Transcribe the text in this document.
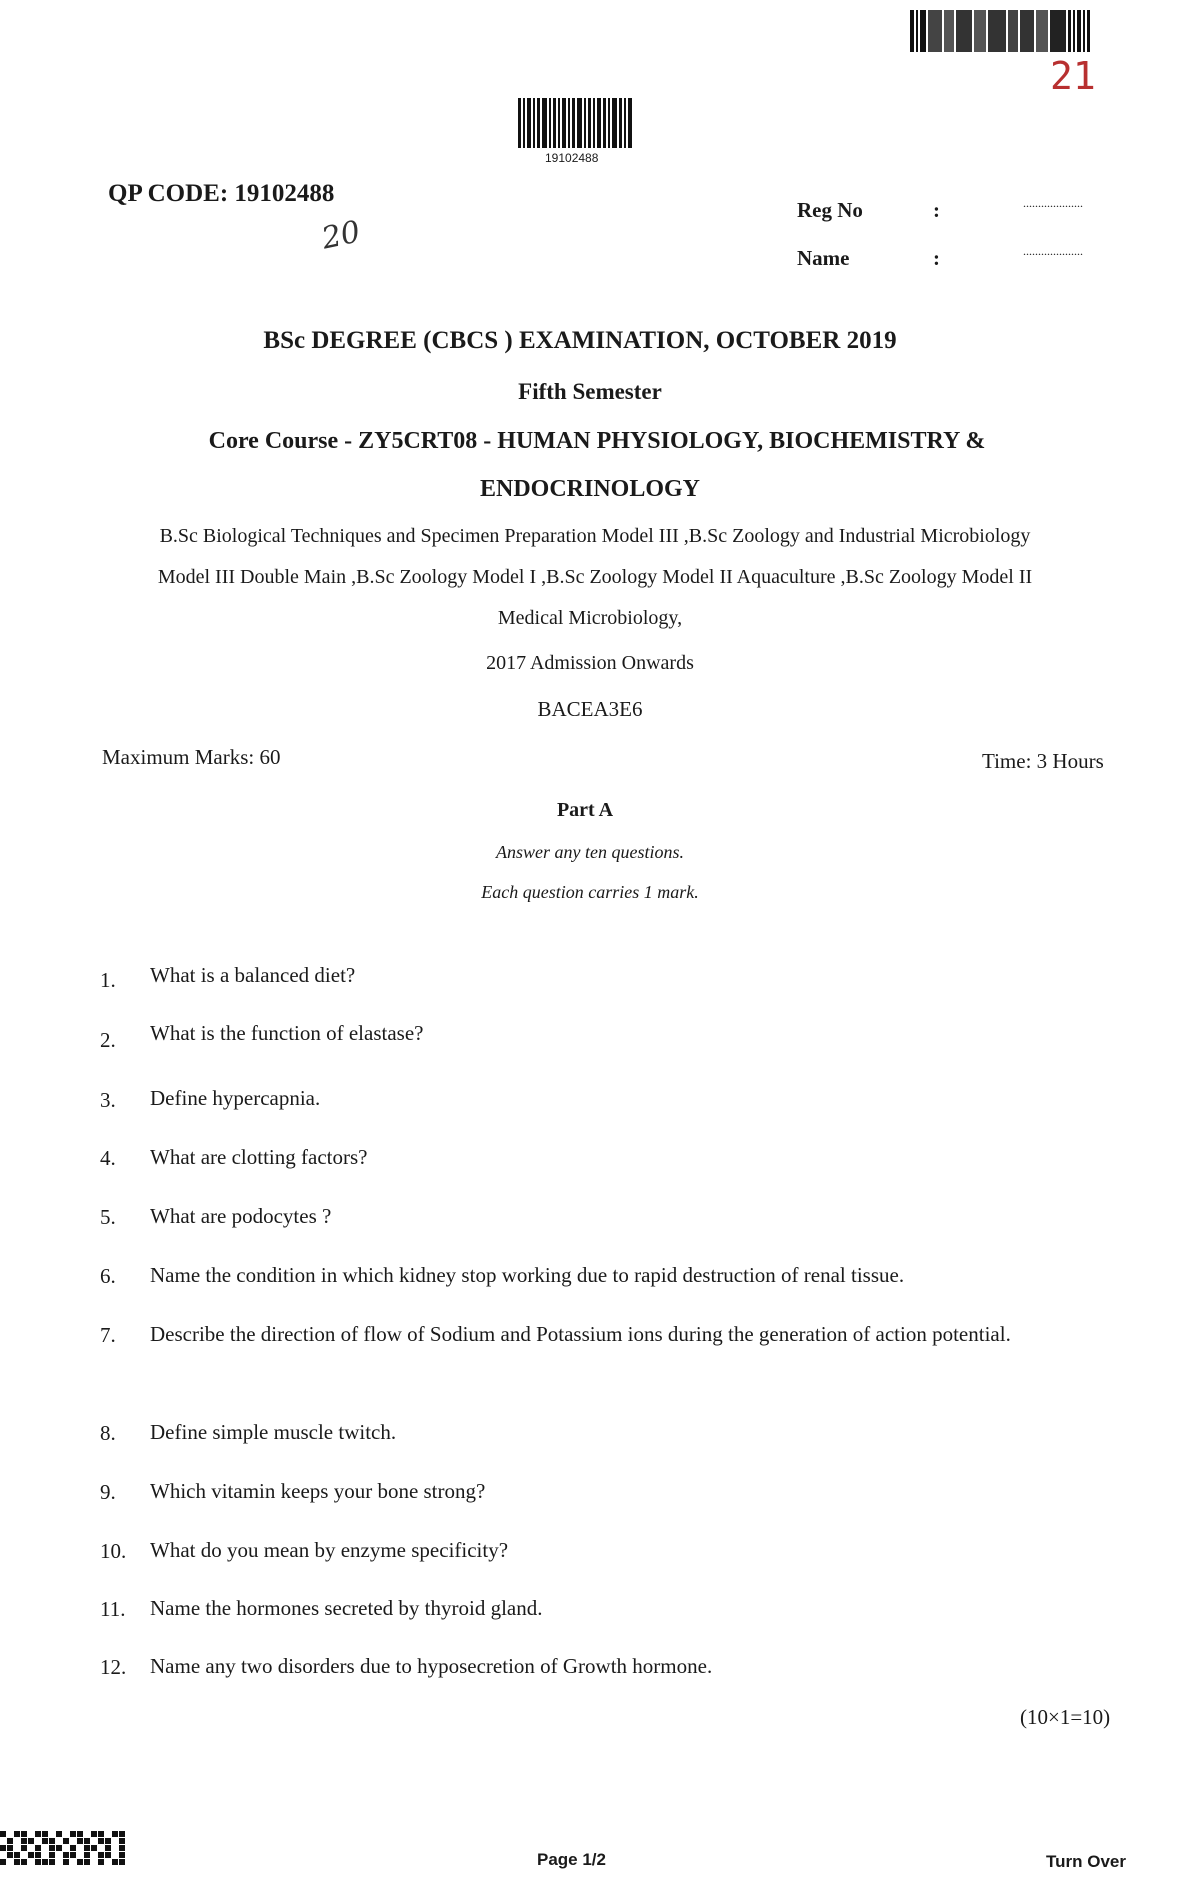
21
19102488
QP CODE: 19102488
20
Reg No	:	....................
Name	:	....................
BSc DEGREE (CBCS ) EXAMINATION, OCTOBER 2019
Fifth Semester
Core Course - ZY5CRT08 - HUMAN PHYSIOLOGY, BIOCHEMISTRY &
ENDOCRINOLOGY
B.Sc Biological Techniques and Specimen Preparation Model III ,B.Sc Zoology and Industrial Microbiology
Model III Double Main ,B.Sc Zoology Model I ,B.Sc Zoology Model II Aquaculture ,B.Sc Zoology Model II
Medical Microbiology,
2017 Admission Onwards
BACEA3E6
Maximum Marks: 60	Time: 3 Hours
Part A
Answer any ten questions.
Each question carries 1 mark.
1. What is a balanced diet?
2. What is the function of elastase?
3. Define hypercapnia.
4. What are clotting factors?
5. What are podocytes ?
6. Name the condition in which kidney stop working due to rapid destruction of renal tissue.
7. Describe the direction of flow of Sodium and Potassium ions during the generation of action potential.
8. Define simple muscle twitch.
9. Which vitamin keeps your bone strong?
10. What do you mean by enzyme specificity?
11. Name the hormones secreted by thyroid gland.
12. Name any two disorders due to hyposecretion of Growth hormone.
(10×1=10)
Page 1/2	Turn Over
